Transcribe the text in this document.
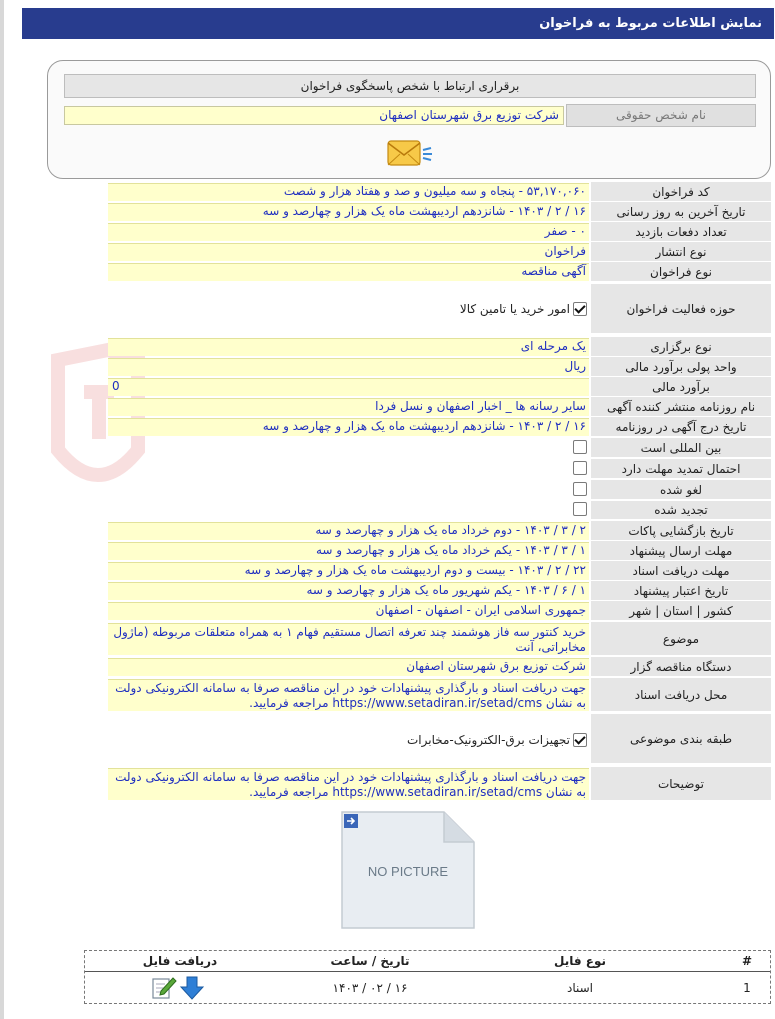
نمایش اطلاعات مربوط به فراخوان
برقراری ارتباط با شخص پاسخگوی فراخوان
شرکت توزیع برق شهرستان اصفهان	نام شخص حقوقی
کد فراخوان
۵۳,۱۷۰,۰۶۰ - پنجاه و سه میلیون و صد و هفتاد هزار و شصت
تاریخ آخرین به روز رسانی
۱۶ / ۲ / ۱۴۰۳ - شانزدهم اردیبهشت ماه یک هزار و چهارصد و سه
تعداد دفعات بازدید
۰ - صفر
نوع انتشار
فراخوان
نوع فراخوان
آگهی مناقصه
حوزه فعالیت فراخوان
امور خرید یا تامین کالا
نوع برگزاری
یک مرحله ای
واحد پولی برآورد مالی
ریال
برآورد مالی
0
نام روزنامه منتشر کننده آگهی
سایر رسانه ها _ اخبار اصفهان و نسل فردا
تاریخ درج آگهی در روزنامه
۱۶ / ۲ / ۱۴۰۳ - شانزدهم اردیبهشت ماه یک هزار و چهارصد و سه
بین المللی است
احتمال تمدید مهلت دارد
لغو شده
تجدید شده
تاریخ بازگشایی پاکات
۲ / ۳ / ۱۴۰۳ - دوم خرداد ماه یک هزار و چهارصد و سه
مهلت ارسال پیشنهاد
۱ / ۳ / ۱۴۰۳ - یکم خرداد ماه یک هزار و چهارصد و سه
مهلت دریافت اسناد
۲۲ / ۲ / ۱۴۰۳ - بیست و دوم اردیبهشت ماه یک هزار و چهارصد و سه
تاریخ اعتبار پیشنهاد
۱ / ۶ / ۱۴۰۳ - یکم شهریور ماه یک هزار و چهارصد و سه
کشور | استان | شهر
جمهوری اسلامی ایران - اصفهان - اصفهان
موضوع
خرید کنتور سه فاز هوشمند چند تعرفه اتصال مستقیم فهام ۱ به همراه متعلقات مربوطه (ماژول مخابراتی، آنت
دستگاه مناقصه گزار
شرکت توزیع برق شهرستان اصفهان
محل دریافت اسناد
جهت دریافت اسناد و بارگذاری پیشنهادات خود در این مناقصه صرفا به سامانه الکترونیکی دولت به نشان https://www.setadiran.ir/setad/cms مراجعه فرمایید.
طبقه بندی موضوعی
تجهیزات برق-الکترونیک-مخابرات
توضیحات
جهت دریافت اسناد و بارگذاری پیشنهادات خود در این مناقصه صرفا به سامانه الکترونیکی دولت به نشان https://www.setadiran.ir/setad/cms مراجعه فرمایید.
NO PICTURE
#
نوع فایل
تاریخ / ساعت
دریافت فایل
1
اسناد
۱۶ / ۰۲ / ۱۴۰۳
